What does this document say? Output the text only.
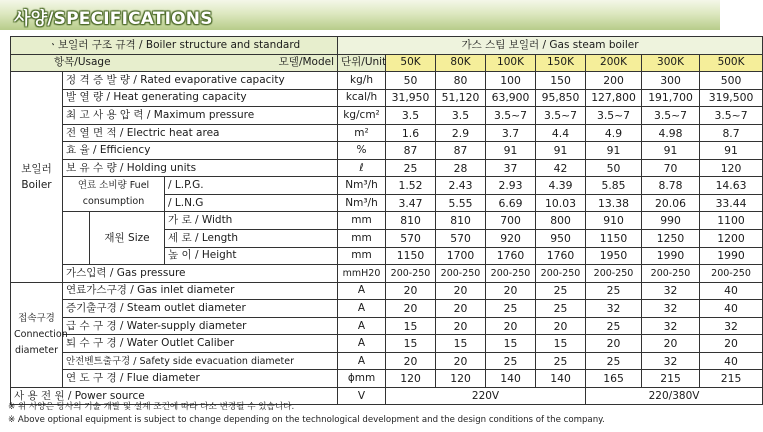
사양/SPECIFICATIONS
ㆍ보일러 구조 규격 / Boiler structure and standard				가스 스팀 보일러 / Gas steam boiler							

항목/Usage 모델/Model				단위/Unit	50K	80K	100K	150K	200K	300K	500K
보일러 Boiler	정 격 증 발 량 / Rated evaporative capacity			kg/h	50	80	100	150	200	300	500
	발 열 량 / Heat generating capacity			kcal/h	31,950	51,120	63,900	95,850	127,800	191,700	319,500
	최 고 사 용 압 력 / Maximum pressure			kg/cm²	3.5	3.5	3.5~7	3.5~7	3.5~7	3.5~7	3.5~7
	전 열 면 적 / Electric heat area			m²	1.6	2.9	3.7	4.4	4.9	4.98	8.7
	효 율 / Efficiency			%	87	87	91	91	91	91	91
	보 유 수 량 / Holding units			ℓ	25	28	37	42	50	70	120
	연료 소비량 Fuel consumption		/ L.P.G.	Nm³/h	1.52	2.43	2.93	4.39	5.85	8.78	14.63
			/ L.N.G	Nm³/h	3.47	5.55	6.69	10.03	13.38	20.06	33.44
		재원 Size	가 로 / Width	mm	810	810	700	800	910	990	1100
			세 로 / Length	mm	570	570	920	950	1150	1250	1200
			높 이 / Height	mm	1150	1700	1760	1760	1950	1990	1990
	가스입력 / Gas pressure			mmH20	200-250	200-250	200-250	200-250	200-250	200-250	200-250
접속구경 Connection diameter	연료가스구경 / Gas inlet diameter			A	20	20	20	25	25	32	40
	증기출구경 / Steam outlet diameter			A	20	20	25	25	32	32	40
	급 수 구 경 / Water-supply diameter			A	15	20	20	20	25	32	32
	퇴 수 구 경 / Water Outlet Caliber			A	15	15	15	15	20	20	20
	안전벤트출구경 / Safety side evacuation diameter			A	20	20	25	25	25	32	40
	연 도 구 경 / Flue diameter			ϕmm	120	120	140	140	165	215	215
사 용 전 원 / Power source				V	220V				220/380V		
※ 위 사양은 당사의 기술 개발 및 설계 조건에 따라 다소 변경될 수 있습니다.
※ Above optional equipment is subject to change depending on the technological development and the design conditions of the company.
